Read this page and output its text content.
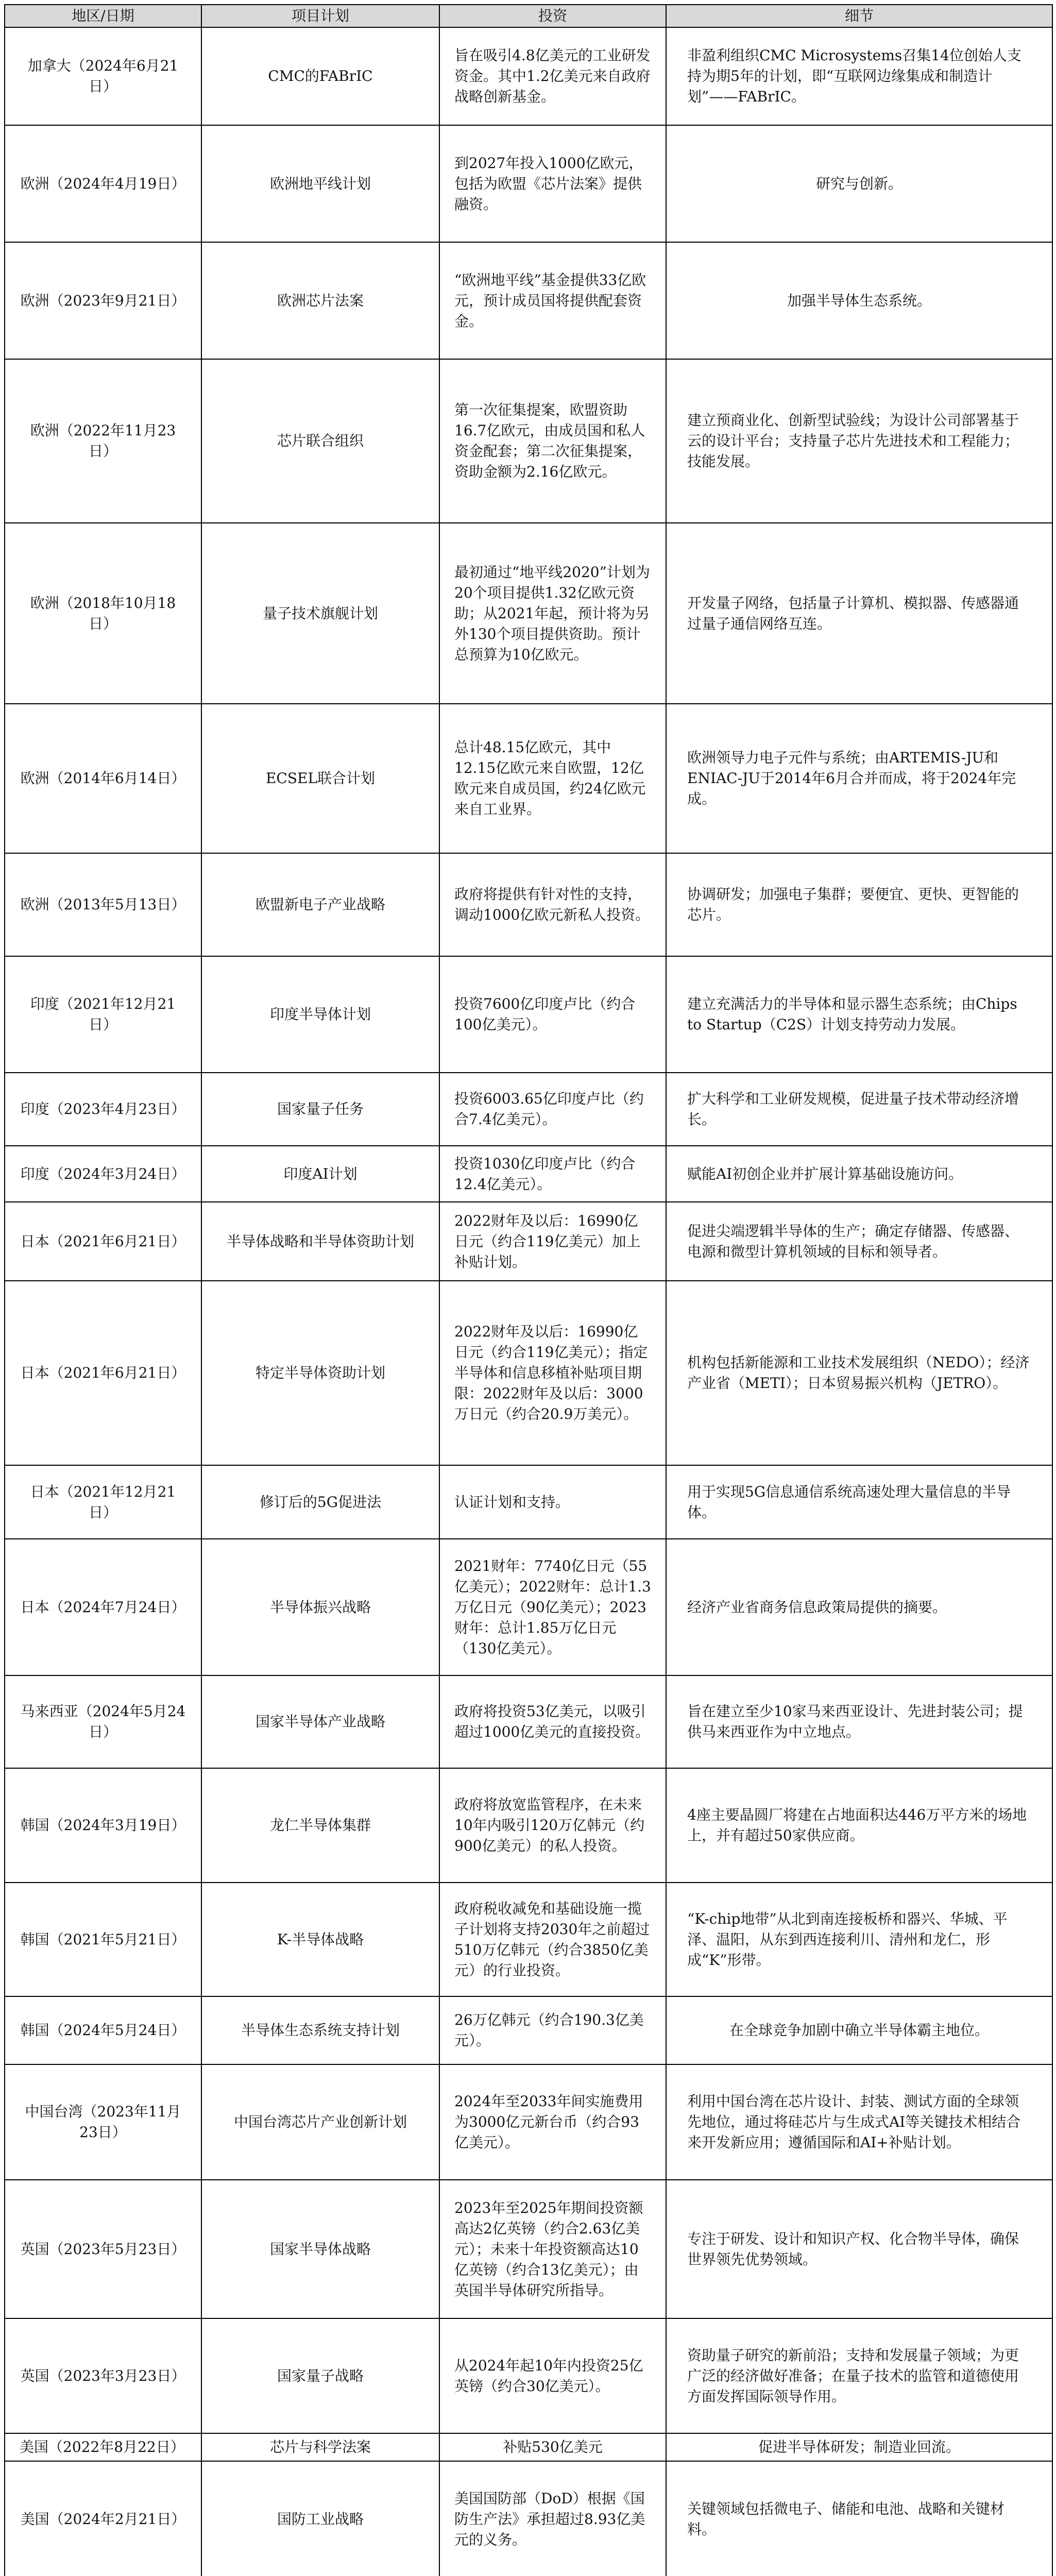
地区/日期	项目计划	投资	细节
加拿大（2024年6月21日）	CMC的FABrIC	旨在吸引4.8亿美元的工业研发资金。其中1.2亿美元来自政府战略创新基金。	非盈利组织CMC Microsystems召集14位创始人支持为期5年的计划，即“互联网边缘集成和制造计划”——FABrIC。
欧洲（2024年4月19日）	欧洲地平线计划	到2027年投入1000亿欧元，包括为欧盟《芯片法案》提供融资。	研究与创新。
欧洲（2023年9月21日）	欧洲芯片法案	“欧洲地平线”基金提供33亿欧元，预计成员国将提供配套资金。	加强半导体生态系统。
欧洲（2022年11月23日）	芯片联合组织	第一次征集提案，欧盟资助16.7亿欧元，由成员国和私人资金配套；第二次征集提案，资助金额为2.16亿欧元。	建立预商业化、创新型试验线；为设计公司部署基于云的设计平台；支持量子芯片先进技术和工程能力；技能发展。
欧洲（2018年10月18日）	量子技术旗舰计划	最初通过“地平线2020”计划为20个项目提供1.32亿欧元资助；从2021年起，预计将为另外130个项目提供资助。预计总预算为10亿欧元。	开发量子网络，包括量子计算机、模拟器、传感器通过量子通信网络互连。
欧洲（2014年6月14日）	ECSEL联合计划	总计48.15亿欧元，其中12.15亿欧元来自欧盟，12亿欧元来自成员国，约24亿欧元来自工业界。	欧洲领导力电子元件与系统；由ARTEMIS-JU和ENIAC-JU于2014年6月合并而成，将于2024年完成。
欧洲（2013年5月13日）	欧盟新电子产业战略	政府将提供有针对性的支持，调动1000亿欧元新私人投资。	协调研发；加强电子集群；要便宜、更快、更智能的芯片。
印度（2021年12月21日）	印度半导体计划	投资7600亿印度卢比（约合100亿美元）。	建立充满活力的半导体和显示器生态系统；由Chips to Startup（C2S）计划支持劳动力发展。
印度（2023年4月23日）	国家量子任务	投资6003.65亿印度卢比（约合7.4亿美元）。	扩大科学和工业研发规模，促进量子技术带动经济增长。
印度（2024年3月24日）	印度AI计划	投资1030亿印度卢比（约合12.4亿美元）。	赋能AI初创企业并扩展计算基础设施访问。
日本（2021年6月21日）	半导体战略和半导体资助计划	2022财年及以后：16990亿日元（约合119亿美元）加上补贴计划。	促进尖端逻辑半导体的生产；确定存储器、传感器、电源和微型计算机领域的目标和领导者。
日本（2021年6月21日）	特定半导体资助计划	2022财年及以后：16990亿日元（约合119亿美元）；指定半导体和信息移植补贴项目期限：2022财年及以后：3000万日元（约合20.9万美元）。	机构包括新能源和工业技术发展组织（NEDO）；经济产业省（METI）；日本贸易振兴机构（JETRO）。
日本（2021年12月21日）	修订后的5G促进法	认证计划和支持。	用于实现5G信息通信系统高速处理大量信息的半导体。
日本（2024年7月24日）	半导体振兴战略	2021财年：7740亿日元（55亿美元）；2022财年：总计1.3万亿日元（90亿美元）；2023财年：总计1.85万亿日元（130亿美元）。	经济产业省商务信息政策局提供的摘要。
马来西亚（2024年5月24日）	国家半导体产业战略	政府将投资53亿美元，以吸引超过1000亿美元的直接投资。	旨在建立至少10家马来西亚设计、先进封装公司；提供马来西亚作为中立地点。
韩国（2024年3月19日）	龙仁半导体集群	政府将放宽监管程序，在未来10年内吸引120万亿韩元（约900亿美元）的私人投资。	4座主要晶圆厂将建在占地面积达446万平方米的场地上，并有超过50家供应商。
韩国（2021年5月21日）	K-半导体战略	政府税收减免和基础设施一揽子计划将支持2030年之前超过510万亿韩元（约合3850亿美元）的行业投资。	“K-chip地带”从北到南连接板桥和器兴、华城、平泽、温阳，从东到西连接利川、清州和龙仁，形成“K”形带。
韩国（2024年5月24日）	半导体生态系统支持计划	26万亿韩元（约合190.3亿美元）。	在全球竞争加剧中确立半导体霸主地位。
中国台湾（2023年11月23日）	中国台湾芯片产业创新计划	2024年至2033年间实施费用为3000亿元新台币（约合93亿美元）。	利用中国台湾在芯片设计、封装、测试方面的全球领先地位，通过将硅芯片与生成式AI等关键技术相结合来开发新应用；遵循国际和AI+补贴计划。
英国（2023年5月23日）	国家半导体战略	2023年至2025年期间投资额高达2亿英镑（约合2.63亿美元）；未来十年投资额高达10亿英镑（约合13亿美元）；由英国半导体研究所指导。	专注于研发、设计和知识产权、化合物半导体，确保世界领先优势领域。
英国（2023年3月23日）	国家量子战略	从2024年起10年内投资25亿英镑（约合30亿美元）。	资助量子研究的新前沿；支持和发展量子领域；为更广泛的经济做好准备；在量子技术的监管和道德使用方面发挥国际领导作用。
美国（2022年8月22日）	芯片与科学法案	补贴530亿美元	促进半导体研发；制造业回流。
美国（2024年2月21日）	国防工业战略	美国国防部（DoD）根据《国防生产法》承担超过8.93亿美元的义务。	关键领域包括微电子、储能和电池、战略和关键材料。
